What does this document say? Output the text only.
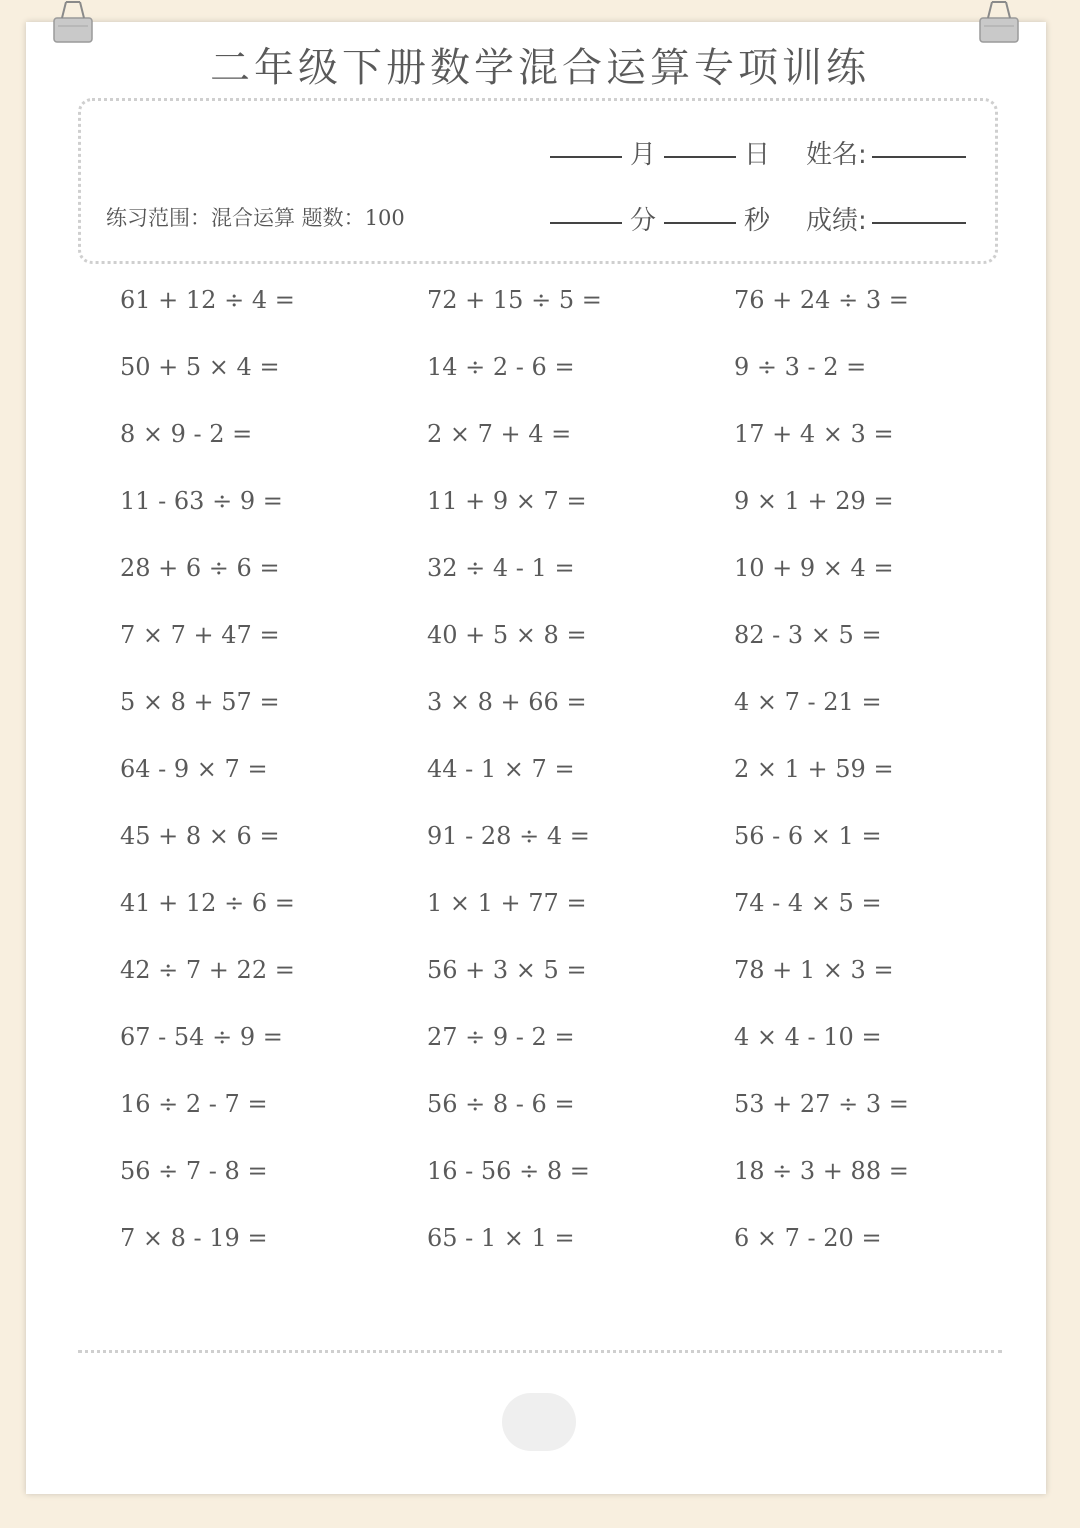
二年级下册数学混合运算专项训练
月	日 姓名:
练习范围：混合运算 题数：100	分	秒 成绩:
61 + 12 ÷ 4 =	72 + 15 ÷ 5 =	76 + 24 ÷ 3 =
50 + 5 × 4 =	14 ÷ 2 - 6 =	9 ÷ 3 - 2 =
8 × 9 - 2 =	2 × 7 + 4 =	17 + 4 × 3 =
11 - 63 ÷ 9 =	11 + 9 × 7 =	9 × 1 + 29 =
28 + 6 ÷ 6 =	32 ÷ 4 - 1 =	10 + 9 × 4 =
7 × 7 + 47 =	40 + 5 × 8 =	82 - 3 × 5 =
5 × 8 + 57 =	3 × 8 + 66 =	4 × 7 - 21 =
64 - 9 × 7 =	44 - 1 × 7 =	2 × 1 + 59 =
45 + 8 × 6 =	91 - 28 ÷ 4 =	56 - 6 × 1 =
41 + 12 ÷ 6 =	1 × 1 + 77 =	74 - 4 × 5 =
42 ÷ 7 + 22 =	56 + 3 × 5 =	78 + 1 × 3 =
67 - 54 ÷ 9 =	27 ÷ 9 - 2 =	4 × 4 - 10 =
16 ÷ 2 - 7 =	56 ÷ 8 - 6 =	53 + 27 ÷ 3 =
56 ÷ 7 - 8 =	16 - 56 ÷ 8 =	18 ÷ 3 + 88 =
7 × 8 - 19 =	65 - 1 × 1 =	6 × 7 - 20 =
